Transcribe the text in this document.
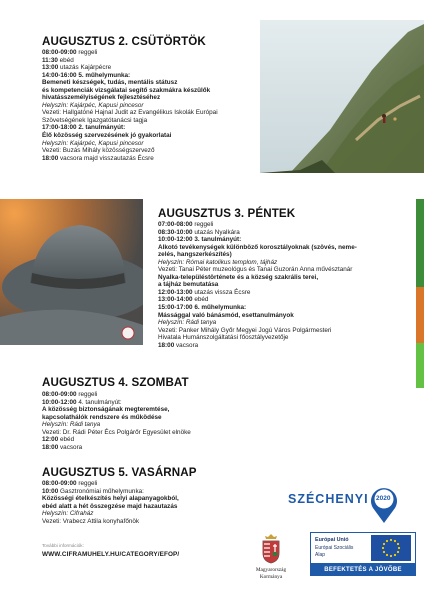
AUGUSZTUS 2. CSÜTÖRTÖK
08:00-09:00 reggeli
11:30 ebéd
13:00 utazás Kajárpécre
14:00-16:00 5. műhelymunka:
Bemeneti készségek, tudás, mentális státusz
és kompetenciák vizsgálatai segítő szakmákra készülők
hivatásszemélyiségének fejlesztéséhez
Helyszín: Kajárpéc, Kapusi pincesor
Vezeti: Hallgatóné Hajnal Judit az Evangélikus Iskolák Európai
Szövetségének Igazgatótanácsi tagja
17:00-18:00 2. tanulmányút:
Élő közösség szervezésének jó gyakorlatai
Helyszín: Kajárpéc, Kapusi pincesor
Vezeti: Buzás Mihály közösségszervező
18:00 vacsora majd visszautazás Écsre
AUGUSZTUS 3. PÉNTEK
07:00-08:00 reggeli
08:30-10:00 utazás Nyalkára
10:00-12:00 3. tanulmányút:
Alkotó tevékenységek különböző korosztályoknak (szövés, neme-
zelés, hangszerkészítés)
Helyszín: Római katolikus templom, tájház
Vezeti: Tanai Péter muzeológus és Tanai Guzorán Anna művésztanár
Nyalka-településtörténete és a község szakrális terei,
a tájház bemutatása
12:00-13:00 utazás vissza Écsre
13:00-14:00 ebéd
15:00-17:00 6. műhelymunka:
Mássággal való bánásmód, esettanulmányok
Helyszín: Rádi tanya
Vezeti: Panker Mihály Győr Megyei Jogú Város Polgármesteri
Hivatala Humánszolgáltatási főosztályvezetője
18:00 vacsora
AUGUSZTUS 4. SZOMBAT
08:00-09:00 reggeli
10:00-12:00 4. tanulmányút:
A közösség biztonságának megteremtése,
kapcsolathálók rendszere és működése
Helyszín: Rádi tanya
Vezeti: Dr. Rádi Péter Écs Polgárőr Egyesület elnöke
12:00 ebéd
18:00 vacsora
AUGUSZTUS 5. VASÁRNAP
08:00-09:00 reggeli
10:00 Gasztronómiai műhelymunka:
Közösségi ételkészítés helyi alapanyagokból,
ebéd alatt a hét összegzése majd hazautazás
Helyszín: Cifraház
Vezeti: Vrabecz Attila konyhafőnök
További információk:
WWW.CIFRAMUHELY.HU/CATEGORY/EFOP/
SZÉCHENYI 2020
Magyarország
Kormánya
Európai Unió
Európai Szociális
Alap
BEFEKTETÉS A JÖVŐBE
